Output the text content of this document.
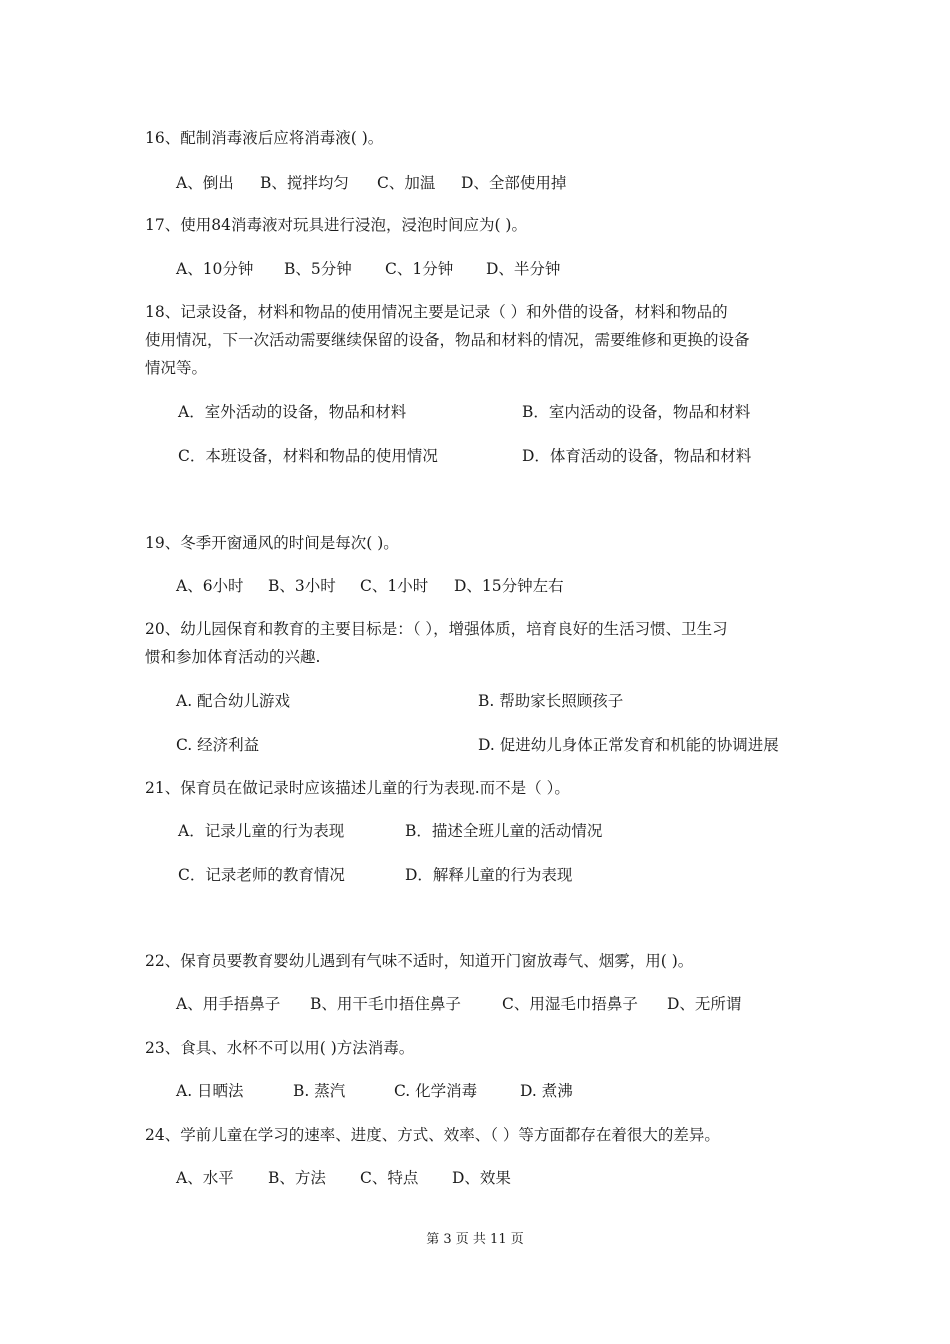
16、配制消毒液后应将消毒液( )。
A、倒出 B、搅拌均匀 C、加温 D、全部使用掉
17、使用84消毒液对玩具进行浸泡，浸泡时间应为( )。
A、10分钟 B、5分钟 C、1分钟 D、半分钟
18、记录设备，材料和物品的使用情况主要是记录（ ）和外借的设备，材料和物品的
使用情况，下一次活动需要继续保留的设备，物品和材料的情况，需要维修和更换的设备
情况等。
A．室外活动的设备，物品和材料	B．室内活动的设备，物品和材料
C．本班设备，材料和物品的使用情况	D．体育活动的设备，物品和材料
19、冬季开窗通风的时间是每次( )。
A、6小时 B、3小时 C、1小时 D、15分钟左右
20、幼儿园保育和教育的主要目标是：（ ），增强体质，培育良好的生活习惯、卫生习
惯和参加体育活动的兴趣.
A. 配合幼儿游戏	B. 帮助家长照顾孩子
C. 经济利益	D. 促进幼儿身体正常发育和机能的协调进展
21、保育员在做记录时应该描述儿童的行为表现.而不是（ ）。
A．记录儿童的行为表现	B．描述全班儿童的活动情况
C．记录老师的教育情况	D．解释儿童的行为表现
22、保育员要教育婴幼儿遇到有气味不适时，知道开门窗放毒气、烟雾，用( )。
A、用手捂鼻子 B、用干毛巾捂住鼻子	C、用湿毛巾捂鼻子 D、无所谓
23、食具、水杯不可以用( )方法消毒。
A. 日晒法	B. 蒸汽	C. 化学消毒	D. 煮沸
24、学前儿童在学习的速率、进度、方式、效率、（ ）等方面都存在着很大的差异。
A、水平 B、方法 C、特点 D、效果
第 3 页 共 11 页
